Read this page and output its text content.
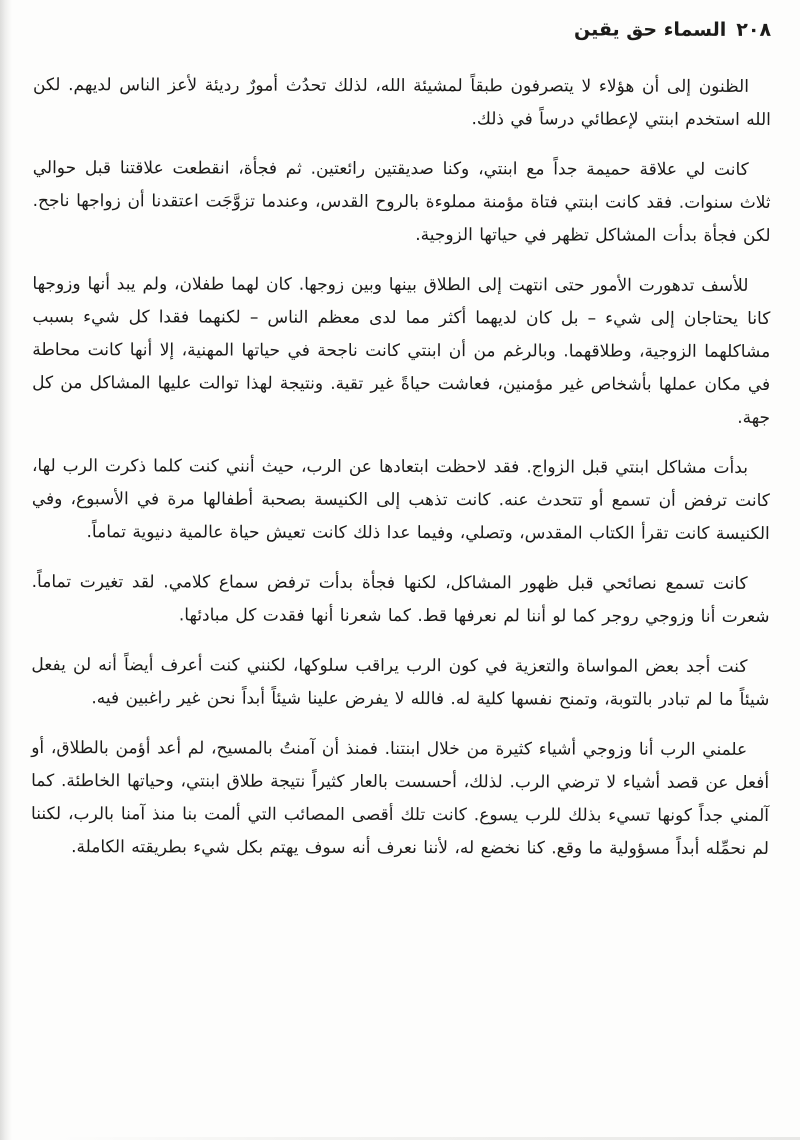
٢٠٨السماء حق يقين

الظنون إلى أن هؤلاء لا يتصرفون طبقاً لمشيئة الله، لذلك تحدُث أمورٌ رديئة لأعز الناس لديهم. لكن الله استخدم ابنتي لإعطائي درساً في ذلك.

كانت لي علاقة حميمة جداً مع ابنتي، وكنا صديقتين رائعتين. ثم فجأة، انقطعت علاقتنا قبل حوالي ثلاث سنوات. فقد كانت ابنتي فتاة مؤمنة مملوءة بالروح القدس، وعندما تزوَّجَت اعتقدنا أن زواجها ناجح. لكن فجأة بدأت المشاكل تظهر في حياتها الزوجية.

للأسف تدهورت الأمور حتى انتهت إلى الطلاق بينها وبين زوجها. كان لهما طفلان، ولم يبد أنها وزوجها كانا يحتاجان إلى شيء – بل كان لديهما أكثر مما لدى معظم الناس – لكنهما فقدا كل شيء بسبب مشاكلهما الزوجية، وطلاقهما. وبالرغم من أن ابنتي كانت ناجحة في حياتها المهنية، إلا أنها كانت محاطة في مكان عملها بأشخاص غير مؤمنين، فعاشت حياةً غير تقية. ونتيجة لهذا توالت عليها المشاكل من كل جهة.

بدأت مشاكل ابنتي قبل الزواج. فقد لاحظت ابتعادها عن الرب، حيث أنني كنت كلما ذكرت الرب لها، كانت ترفض أن تسمع أو تتحدث عنه. كانت تذهب إلى الكنيسة بصحبة أطفالها مرة في الأسبوع، وفي الكنيسة كانت تقرأ الكتاب المقدس، وتصلي، وفيما عدا ذلك كانت تعيش حياة عالمية دنيوية تماماً.

كانت تسمع نصائحي قبل ظهور المشاكل، لكنها فجأة بدأت ترفض سماع كلامي. لقد تغيرت تماماً. شعرت أنا وزوجي روجر كما لو أننا لم نعرفها قط. كما شعرنا أنها فقدت كل مبادئها.

كنت أجد بعض المواساة والتعزية في كون الرب يراقب سلوكها، لكنني كنت أعرف أيضاً أنه لن يفعل شيئاً ما لم تبادر بالتوبة، وتمنح نفسها كلية له. فالله لا يفرض علينا شيئاً أبداً نحن غير راغبين فيه.

علمني الرب أنا وزوجي أشياء كثيرة من خلال ابنتنا. فمنذ أن آمنتُ بالمسيح، لم أعد أؤمن بالطلاق، أو أفعل عن قصد أشياء لا ترضي الرب. لذلك، أحسست بالعار كثيراً نتيجة طلاق ابنتي، وحياتها الخاطئة. كما آلمني جداً كونها تسيء بذلك للرب يسوع. كانت تلك أقصى المصائب التي ألمت بنا منذ آمنا بالرب، لكننا لم نحمِّله أبداً مسؤولية ما وقع. كنا نخضع له، لأننا نعرف أنه سوف يهتم بكل شيء بطريقته الكاملة.
